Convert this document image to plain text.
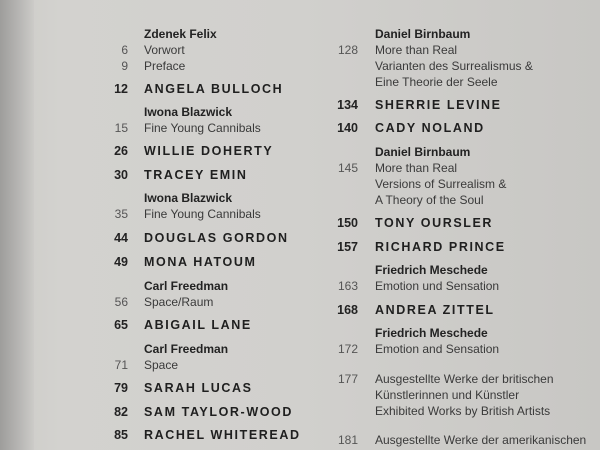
Zdenek Felix
6 Vorwort
9 Preface
12 ANGELA BULLOCH
Iwona Blazwick
15 Fine Young Cannibals
26 WILLIE DOHERTY
30 TRACEY EMIN
Iwona Blazwick
35 Fine Young Cannibals
44 DOUGLAS GORDON
49 MONA HATOUM
Carl Freedman
56 Space/Raum
65 ABIGAIL LANE
Carl Freedman
71 Space
79 SARAH LUCAS
82 SAM TAYLOR-WOOD
85 RACHEL WHITEREAD
Daniel Birnbaum
128 More than Real
Varianten des Surrealismus &
Eine Theorie der Seele
134 SHERRIE LEVINE
140 CADY NOLAND
Daniel Birnbaum
145 More than Real
Versions of Surrealism &
A Theory of the Soul
150 TONY OURSLER
157 RICHARD PRINCE
Friedrich Meschede
163 Emotion und Sensation
168 ANDREA ZITTEL
Friedrich Meschede
172 Emotion and Sensation
177 Ausgestellte Werke der britischen
Künstlerinnen und Künstler
Exhibited Works by British Artists
181 Ausgestellte Werke der amerikanischen
